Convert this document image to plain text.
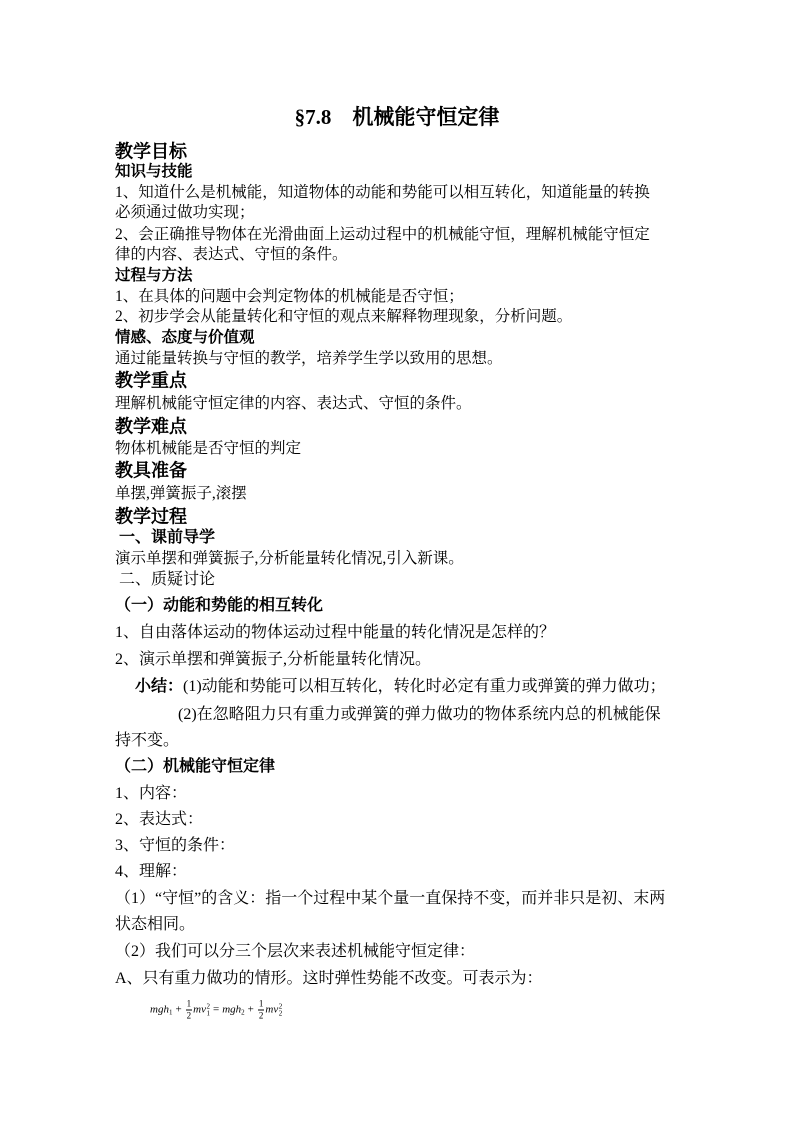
§7.8　机械能守恒定律
教学目标
知识与技能
1、知道什么是机械能，知道物体的动能和势能可以相互转化，知道能量的转换
必须通过做功实现；
2、会正确推导物体在光滑曲面上运动过程中的机械能守恒，理解机械能守恒定
律的内容、表达式、守恒的条件。
过程与方法
1、在具体的问题中会判定物体的机械能是否守恒；
2、初步学会从能量转化和守恒的观点来解释物理现象，分析问题。
情感、态度与价值观
通过能量转换与守恒的教学，培养学生学以致用的思想。
教学重点
理解机械能守恒定律的内容、表达式、守恒的条件。
教学难点
物体机械能是否守恒的判定
教具准备
单摆,弹簧振子,滚摆
教学过程
一、课前导学
演示单摆和弹簧振子,分析能量转化情况,引入新课。
二、质疑讨论
（一）动能和势能的相互转化
1、自由落体运动的物体运动过程中能量的转化情况是怎样的？
2、演示单摆和弹簧振子,分析能量转化情况。
小结：(1)动能和势能可以相互转化，转化时必定有重力或弹簧的弹力做功；
(2)在忽略阻力只有重力或弹簧的弹力做功的物体系统内总的机械能保
持不变。
（二）机械能守恒定律
1、内容：
2、表达式：
3、守恒的条件：
4、理解：
（1）“守恒”的含义：指一个过程中某个量一直保持不变，而并非只是初、末两
状态相同。
（2）我们可以分三个层次来表述机械能守恒定律：
A、只有重力做功的情形。这时弹性势能不改变。可表示为：
$mgh_1 + \frac{1}{2}$ mv 2
$1 = mgh_2 + \frac{1}{2}$ mv 2
2
